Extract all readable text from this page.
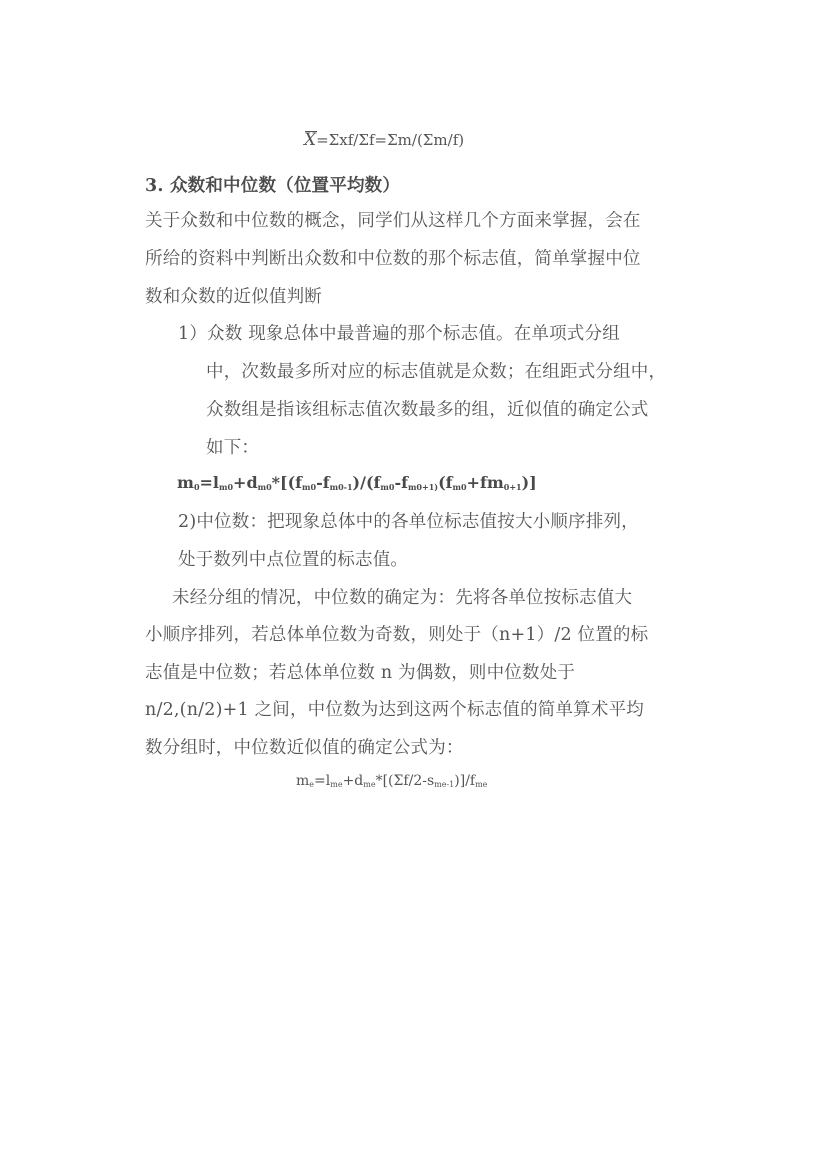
X=Σxf/Σf=Σm/(Σm/f)
3. 众数和中位数（位置平均数）
关于众数和中位数的概念，同学们从这样几个方面来掌握，会在
所给的资料中判断出众数和中位数的那个标志值，简单掌握中位
数和众数的近似值判断
1）众数 现象总体中最普遍的那个标志值。在单项式分组
中，次数最多所对应的标志值就是众数；在组距式分组中，
众数组是指该组标志值次数最多的组，近似值的确定公式
如下：
$m_0=l_{m0}+d_{m0}*[(f_{m0}-f_{m0-1})/(f_{m0}-f_{m0+1)}(f_{m0}+fm_{0+1})]$
2)中位数：把现象总体中的各单位标志值按大小顺序排列，
处于数列中点位置的标志值。
未经分组的情况，中位数的确定为：先将各单位按标志值大
小顺序排列，若总体单位数为奇数，则处于（n+1）/2 位置的标
志值是中位数；若总体单位数 n 为偶数，则中位数处于
n/2,(n/2)+1 之间，中位数为达到这两个标志值的简单算术平均
数分组时，中位数近似值的确定公式为：
$m_e=l_{me}+d_{me}*[(\Sigma f/2-s_{me-1})]/f_{me}$
